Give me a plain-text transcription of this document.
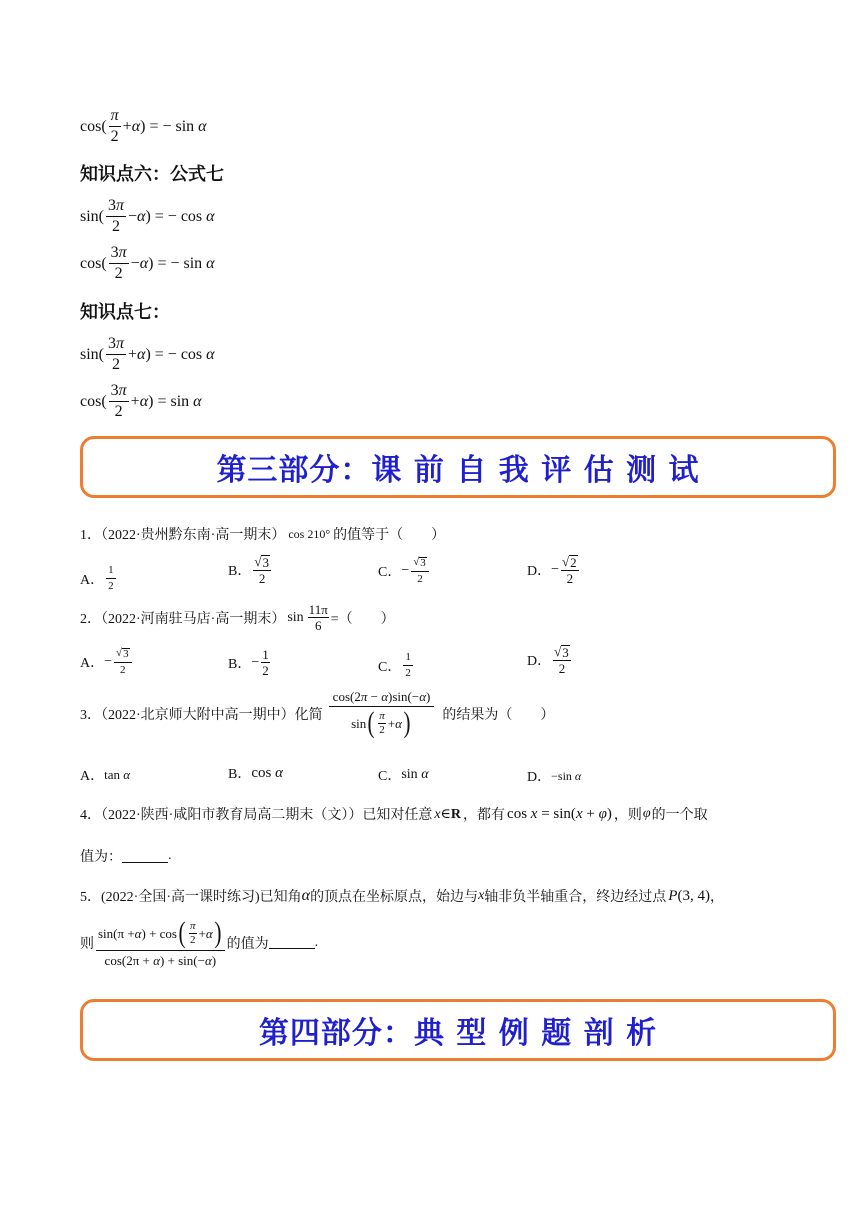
$\cos( \frac{\pi}{2} +\alpha)$ = − sin α
知识点六：公式七
$\sin( \frac{3\pi}{2} -\alpha)$ = − cos α
$\cos( \frac{3\pi}{2} -\alpha)$ = − sin α
知识点七：
$\sin( \frac{3\pi}{2} +\alpha)$ = − cos α
$\cos( \frac{3\pi}{2} +\alpha) = \sin \alpha$
第三部分：课 前 自 我 评 估 测 试
1．（2022·贵州黔东南·高一期末） cos 210° 的值等于（　　）
A． $\frac{1}{2}$	B． $\frac{√ 3}{2}$	C． − $\frac{√ 3}{2}$	D． − $\frac{√ 2}{2}$
2．（2022·河南驻马店·高一期末） $\sin \frac{11\pi}{6}$ =（　　）
A． − $\frac{√ 3}{2}$	B． − $\frac{1}{2}$	C． $\frac{1}{2}$	D． $\frac{√ 3}{2}$
3．（2022·北京师大附中高一期中）化简 $\frac{\cos(2\pi - \alpha)\sin(-\alpha)}{\sin ( \frac{\pi}{2} + \alpha )}$ 的结果为（　　）
A． tan α	B． cos α	C． sin α	D． −sin α
4．（2022·陕西·咸阳市教育局高二期末（文））已知对任意 x∈R ，都有 cos x = sin(x + φ) ，则 φ 的一个取
值为：	.
5．(2022·全国·高一课时练习)已知角 α 的顶点在坐标原点，始边与 x 轴非负半轴重合，终边经过点 P(3, 4) ，
则 $\frac{\sin(\pi + \alpha ) + \cos ( \frac{\pi}{2} + \alpha )}{\cos(2\pi + \alpha) + \sin(-\alpha)}$ 的值为	.
第四部分：典 型 例 题 剖 析
